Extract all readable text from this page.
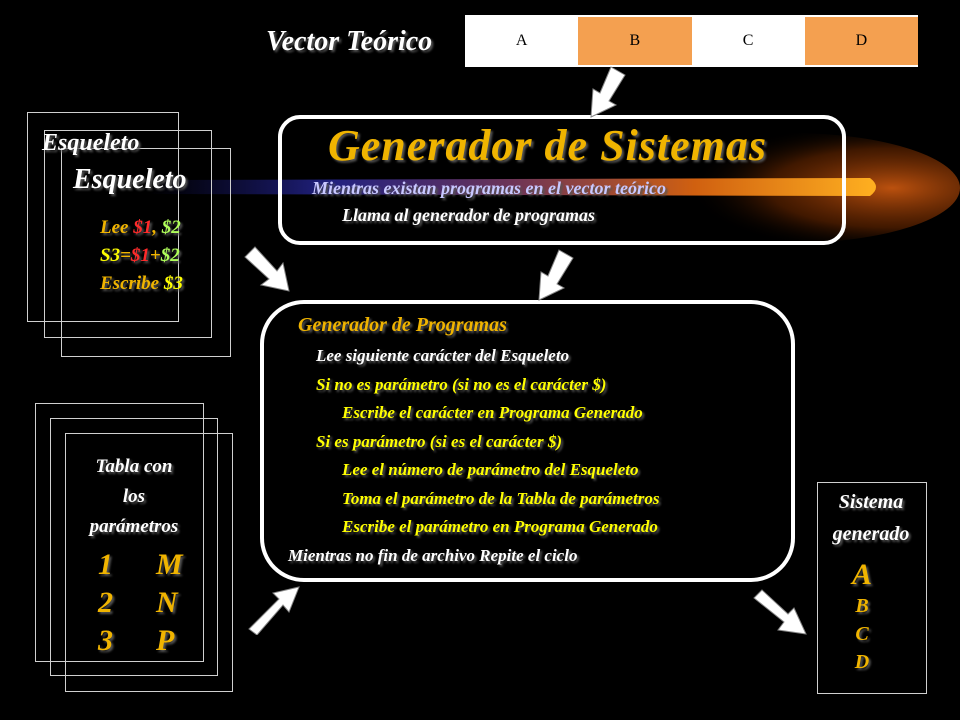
Vector Teórico	A	B	C	D
Esqueleto
Esqueleto
Lee $1, $2
S3=$1+$2
Escribe $3
Generador de Sistemas
Mientras existan programas en el vector teórico
Llama al generador de programas
Generador de Programas
Lee siguiente carácter del Esqueleto
Si no es parámetro (si no es el carácter $)
Escribe el carácter en Programa Generado
Si es parámetro (si es el carácter $)
Lee el número de parámetro del Esqueleto
Toma el parámetro de la Tabla de parámetros
Escribe el parámetro en Programa Generado
Mientras no fin de archivo Repite el ciclo
Tabla con
los
parámetros
1	M
2	N
3	P
Sistema
generado
A
B
C
D
